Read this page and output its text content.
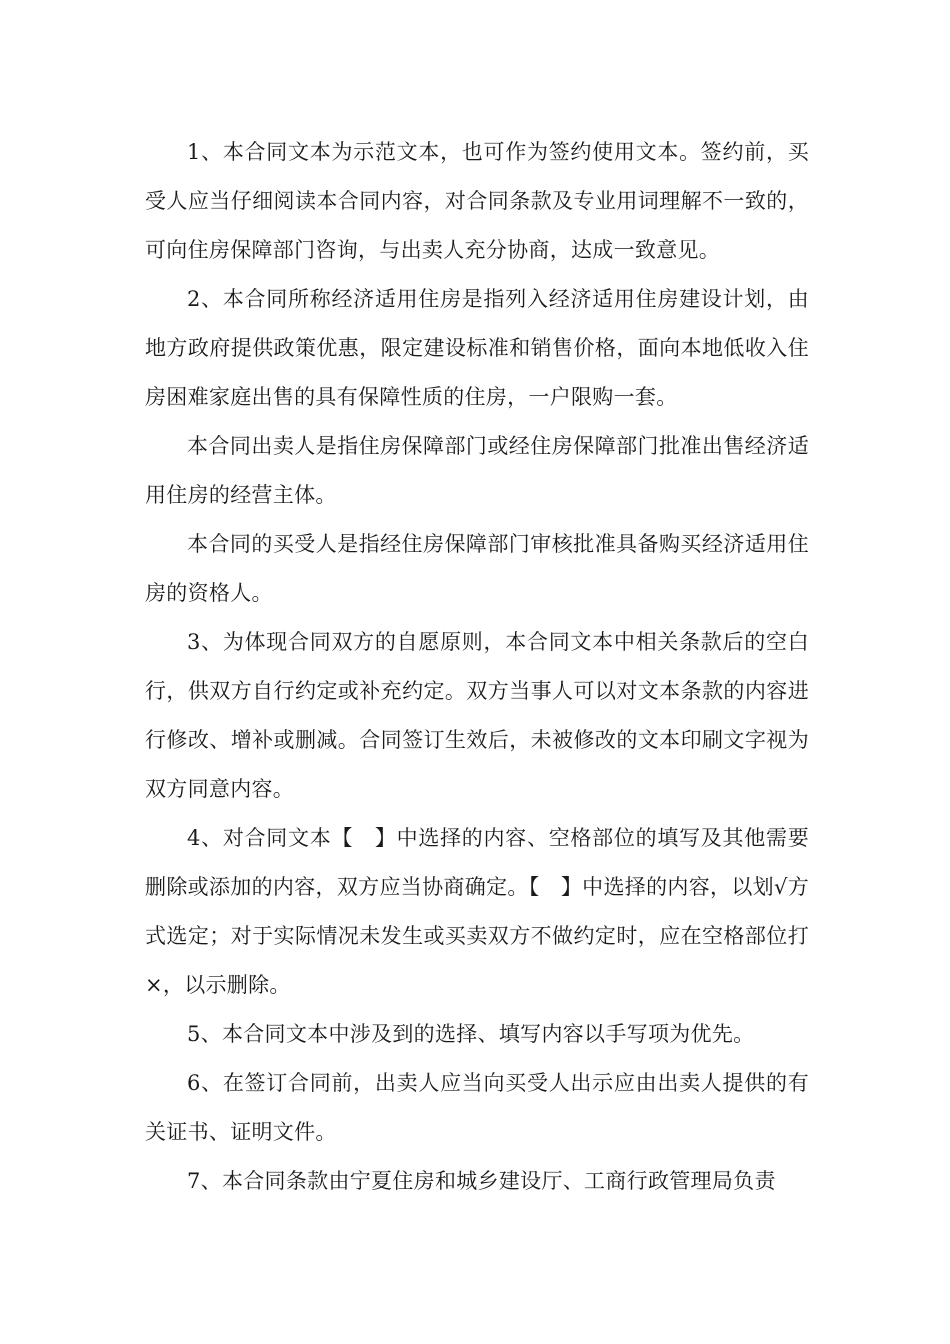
1、本合同文本为示范文本，也可作为签约使用文本。签约前，买受人应当仔细阅读本合同内容，对合同条款及专业用词理解不一致的，可向住房保障部门咨询，与出卖人充分协商，达成一致意见。

2、本合同所称经济适用住房是指列入经济适用住房建设计划，由地方政府提供政策优惠，限定建设标准和销售价格，面向本地低收入住房困难家庭出售的具有保障性质的住房，一户限购一套。

本合同出卖人是指住房保障部门或经住房保障部门批准出售经济适用住房的经营主体。

本合同的买受人是指经住房保障部门审核批准具备购买经济适用住房的资格人。

3、为体现合同双方的自愿原则，本合同文本中相关条款后的空白行，供双方自行约定或补充约定。双方当事人可以对文本条款的内容进行修改、增补或删减。合同签订生效后，未被修改的文本印刷文字视为双方同意内容。

4、对合同文本【　】中选择的内容、空格部位的填写及其他需要删除或添加的内容，双方应当协商确定。【　】中选择的内容，以划√方式选定；对于实际情况未发生或买卖双方不做约定时，应在空格部位打×，以示删除。

5、本合同文本中涉及到的选择、填写内容以手写项为优先。

6、在签订合同前，出卖人应当向买受人出示应由出卖人提供的有关证书、证明文件。

7、本合同条款由宁夏住房和城乡建设厅、工商行政管理局负责
